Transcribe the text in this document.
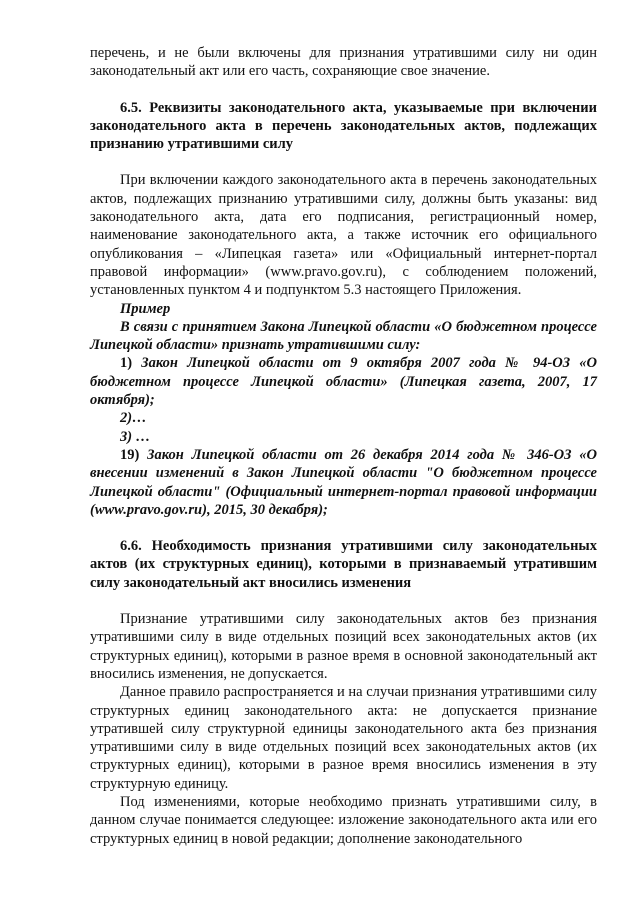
перечень, и не были включены для признания утратившими силу ни один законодательный акт или его часть, сохраняющие свое значение.

6.5. Реквизиты законодательного акта, указываемые при включении законодательного акта в перечень законодательных актов, подлежащих признанию утратившими силу

При включении каждого законодательного акта в перечень законодательных актов, подлежащих признанию утратившими силу, должны быть указаны: вид законодательного акта, дата его подписания, регистрационный номер, наименование законодательного акта, а также источник его официального опубликования – «Липецкая газета» или «Официальный интернет-портал правовой информации» (www.pravo.gov.ru), с соблюдением положений, установленных пунктом 4 и подпунктом 5.3 настоящего Приложения.

Пример

В связи с принятием Закона Липецкой области «О бюджетном процессе Липецкой области» признать утратившими силу:

1) Закон Липецкой области от 9 октября 2007 года № 94-ОЗ «О бюджетном процессе Липецкой области» (Липецкая газета, 2007, 17 октября);

2)…

3) …

19) Закон Липецкой области от 26 декабря 2014 года № 346-ОЗ «О внесении изменений в Закон Липецкой области "О бюджетном процессе Липецкой области" (Официальный интернет-портал правовой информации (www.pravo.gov.ru), 2015, 30 декабря);

6.6. Необходимость признания утратившими силу законодательных актов (их структурных единиц), которыми в признаваемый утратившим силу законодательный акт вносились изменения

Признание утратившими силу законодательных актов без признания утратившими силу в виде отдельных позиций всех законодательных актов (их структурных единиц), которыми в разное время в основной законодательный акт вносились изменения, не допускается.

Данное правило распространяется и на случаи признания утратившими силу структурных единиц законодательного акта: не допускается признание утратившей силу структурной единицы законодательного акта без признания утратившими силу в виде отдельных позиций всех законодательных актов (их структурных единиц), которыми в разное время вносились изменения в эту структурную единицу.

Под изменениями, которые необходимо признать утратившими силу, в данном случае понимается следующее: изложение законодательного акта или его структурных единиц в новой редакции; дополнение законодательного
